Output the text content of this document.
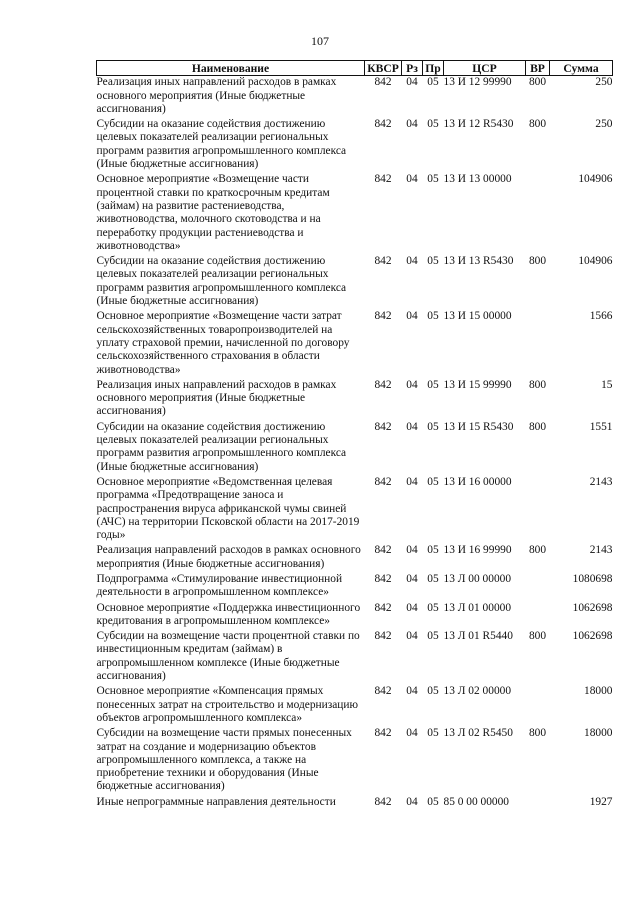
107
Наименование	КВСР	Рз	Пр	ЦСР	ВР	Сумма
Реализация иных направлений расходов в рамках основного мероприятия (Иные бюджетные ассигнования)	842	04	05	13 И 12 99990	800	250
Субсидии на оказание содействия достижению целевых показателей реализации региональных программ развития агропромышленного комплекса (Иные бюджетные ассигнования)	842	04	05	13 И 12 R5430	800	250
Основное мероприятие «Возмещение части процентной ставки по краткосрочным кредитам (займам) на развитие растениеводства, животноводства, молочного скотоводства и на переработку продукции растениеводства и животноводства»	842	04	05	13 И 13 00000		104906
Субсидии на оказание содействия достижению целевых показателей реализации региональных программ развития агропромышленного комплекса (Иные бюджетные ассигнования)	842	04	05	13 И 13 R5430	800	104906
Основное мероприятие «Возмещение части затрат сельскохозяйственных товаропроизводителей на уплату страховой премии, начисленной по договору сельскохозяйственного страхования в области животноводства»	842	04	05	13 И 15 00000		1566
Реализация иных направлений расходов в рамках основного мероприятия (Иные бюджетные ассигнования)	842	04	05	13 И 15 99990	800	15
Субсидии на оказание содействия достижению целевых показателей реализации региональных программ развития агропромышленного комплекса (Иные бюджетные ассигнования)	842	04	05	13 И 15 R5430	800	1551
Основное мероприятие «Ведомственная целевая программа «Предотвращение заноса и распространения вируса африканской чумы свиней (АЧС) на территории Псковской области на 2017-2019 годы»	842	04	05	13 И 16 00000		2143
Реализация направлений расходов в рамках основного мероприятия (Иные бюджетные ассигнования)	842	04	05	13 И 16 99990	800	2143
Подпрограмма «Стимулирование инвестиционной деятельности в агропромышленном комплексе»	842	04	05	13 Л 00 00000		1080698
Основное мероприятие «Поддержка инвестиционного кредитования в агропромышленном комплексе»	842	04	05	13 Л 01 00000		1062698
Субсидии на возмещение части процентной ставки по инвестиционным кредитам (займам) в агропромышленном комплексе (Иные бюджетные ассигнования)	842	04	05	13 Л 01 R5440	800	1062698
Основное мероприятие «Компенсация прямых понесенных затрат на строительство и модернизацию объектов агропромышленного комплекса»	842	04	05	13 Л 02 00000		18000
Субсидии на возмещение части прямых понесенных затрат на создание и модернизацию объектов агропромышленного комплекса, а также на приобретение техники и оборудования (Иные бюджетные ассигнования)	842	04	05	13 Л 02 R5450	800	18000
Иные непрограммные направления деятельности	842	04	05	85 0 00 00000		1927
